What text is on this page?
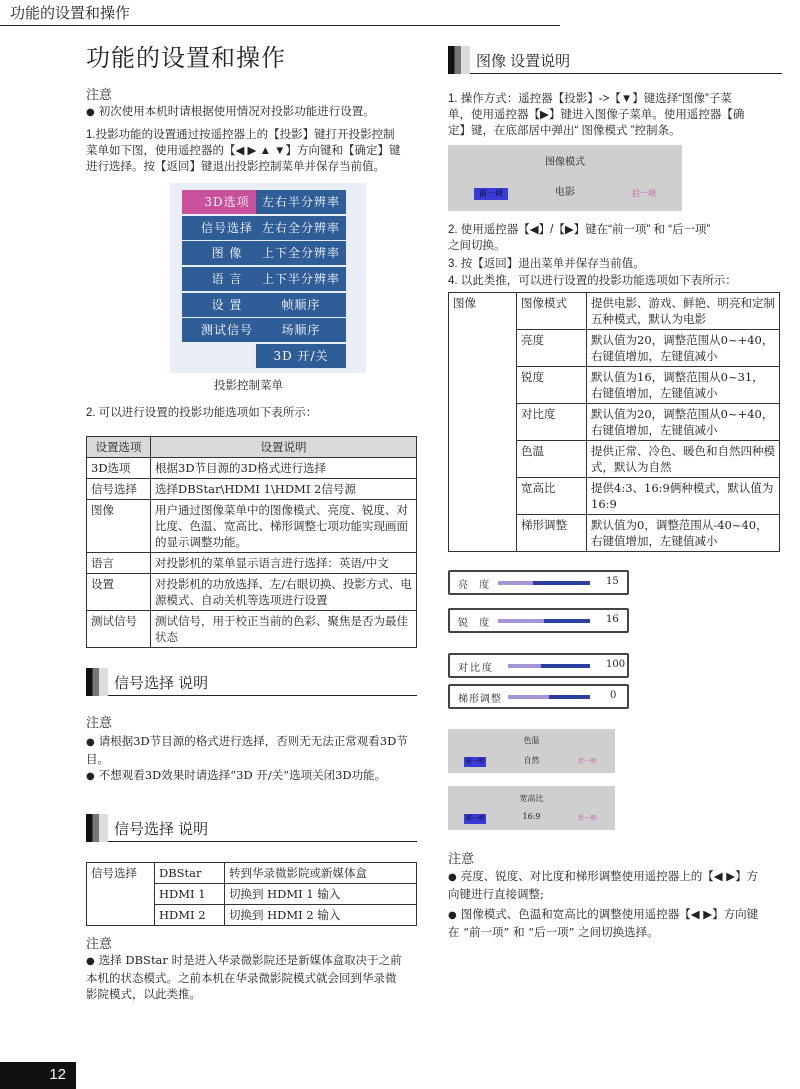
功能的设置和操作
功能的设置和操作
注意
● 初次使用本机时请根据使用情况对投影功能进行设置。
1.投影功能的设置通过按遥控器上的【投影】键打开投影控制
菜单如下图，使用遥控器的【◀ ▶ ▲ ▼】方向键和【确定】键
进行选择。按【返回】键退出投影控制菜单并保存当前值。
3D选项
信号选择
图 像
语 言
设 置
测试信号
左右半分辨率
左右全分辨率
上下全分辨率
上下半分辨率
帧顺序
场顺序
3D 开/关
投影控制菜单
2. 可以进行设置的投影功能选项如下表所示：
设置选项	设置说明
3D选项	根据3D节目源的3D格式进行选择
信号选择	选择DBStar\HDMI 1\HDMI 2信号源
图像	用户通过图像菜单中的图像模式、亮度、锐度、对比度、色温、宽高比、梯形调整七项功能实现画面的显示调整功能。
语言	对投影机的菜单显示语言进行选择：英语/中文
设置	对投影机的功放选择、左/右眼切换、投影方式、电源模式、自动关机等选项进行设置
测试信号	测试信号，用于校正当前的色彩、聚焦是否为最佳状态
信号选择 说明
注意
● 请根据3D节目源的格式进行选择，否则无无法正常观看3D节
目。
● 不想观看3D效果时请选择“3D 开/关”选项关闭3D功能。
信号选择 说明
信号选择	DBStar	转到华录微影院或新媒体盒
	HDMI 1	切换到 HDMI 1 输入
	HDMI 2	切换到 HDMI 2 输入
注意
● 选择 DBStar 时是进入华录微影院还是新媒体盒取决于之前
本机的状态模式。之前本机在华录微影院模式就会回到华录微
影院模式，以此类推。
图像 设置说明
1. 操作方式：遥控器【投影】->【▼】键选择“图像”子菜
单，使用遥控器【▶】键进入图像子菜单。使用遥控器【确
定】键，在底部居中弹出“ 图像模式 ”控制条。
图像模式
前一项	电影	后一项
2. 使用遥控器【◀】/【▶】键在“前一项” 和 “后一项”
之间切换。
3. 按【返回】退出菜单并保存当前值。
4. 以此类推，可以进行设置的投影功能选项如下表所示：
图像	图像模式	提供电影、游戏、鲜艳、明亮和定制五种模式，默认为电影
	亮度	默认值为20，调整范围从0~+40，右键值增加，左键值减小
	锐度	默认值为16，调整范围从0~31，右键值增加，左键值减小
	对比度	默认值为20，调整范围从0~+40，右键值增加，左键值减小
	色温	提供正常、冷色、暖色和自然四种模式，默认为自然
	宽高比	提供4:3、16:9俩种模式，默认值为16:9
	梯形调整	默认值为0，调整范围从-40~40，右键值增加，左键值减小
亮 度	15
锐 度	16
对比度	100
梯形调整	0
色温
前一项	自然	后一项
宽高比
前一项	16:9	后一项
注意
● 亮度、锐度、对比度和梯形调整使用遥控器上的【◀ ▶】方
向键进行直接调整;
● 图像模式、色温和宽高比的调整使用遥控器【◀ ▶】方向键
在 “前一项” 和 “后一项” 之间切换选择。
12
